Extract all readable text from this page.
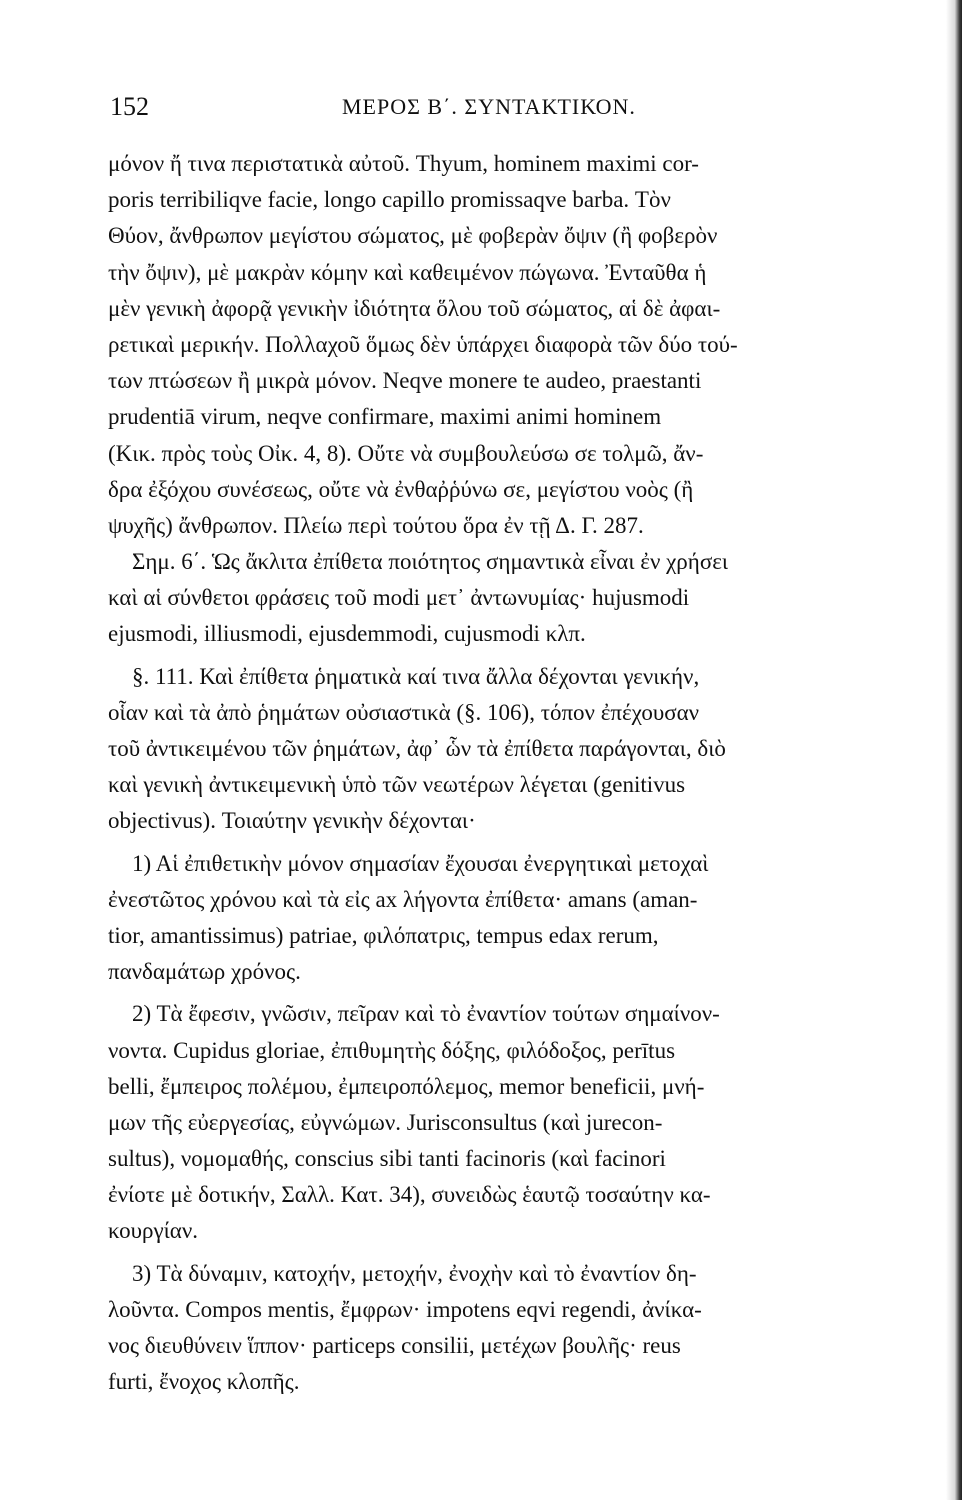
152	ΜΕΡΟΣ Β΄. ΣΥΝΤΑΚΤΙΚΟΝ.
μόνον ἤ τινα περιστατικὰ αὐτοῦ. Thyum, hominem maximi cor-
poris terribiliqve facie, longo capillo promissaqve barba. Τὸν
Θύον, ἄνθρωπον μεγίστου σώματος, μὲ φοβερὰν ὄψιν (ἢ φοβερὸν
τὴν ὄψιν), μὲ μακρὰν κόμην καὶ καθειμένον πώγωνα. Ἐνταῦθα ἡ
μὲν γενικὴ ἀφορᾷ γενικὴν ἰδιότητα ὅλου τοῦ σώματος, αἱ δὲ ἀφαι-
ρετικαὶ μερικήν. Πολλαχοῦ ὅμως δὲν ὑπάρχει διαφορὰ τῶν δύο τού-
των πτώσεων ἢ μικρὰ μόνον. Neqve monere te audeo, praestanti
prudentiā virum, neqve confirmare, maximi animi hominem
(Κικ. πρὸς τοὺς Οἰκ. 4, 8). Οὔτε νὰ συμβουλεύσω σε τολμῶ, ἄν-
δρα ἐξόχου συνέσεως, οὔτε νὰ ἐνθαῤῥύνω σε, μεγίστου νοὸς (ἢ
ψυχῆς) ἄνθρωπον. Πλείω περὶ τούτου ὅρα ἐν τῇ Δ. Γ. 287.
Σημ. 6΄. Ὡς ἄκλιτα ἐπίθετα ποιότητος σημαντικὰ εἶναι ἐν χρήσει
καὶ αἱ σύνθετοι φράσεις τοῦ modi μετ᾽ ἀντωνυμίας· hujusmodi
ejusmodi, illiusmodi, ejusdemmodi, cujusmodi κλπ.
§. 111. Καὶ ἐπίθετα ῥηματικὰ καί τινα ἄλλα δέχονται γενικήν,
οἷαν καὶ τὰ ἀπὸ ῥημάτων οὐσιαστικὰ (§. 106), τόπον ἐπέχουσαν
τοῦ ἀντικειμένου τῶν ῥημάτων, ἀφ᾽ ὧν τὰ ἐπίθετα παράγονται, διὸ
καὶ γενικὴ ἀντικειμενικὴ ὑπὸ τῶν νεωτέρων λέγεται (genitivus
objectivus). Τοιαύτην γενικὴν δέχονται·
1) Αἱ ἐπιθετικὴν μόνον σημασίαν ἔχουσαι ἐνεργητικαὶ μετοχαὶ
ἐνεστῶτος χρόνου καὶ τὰ εἰς ax λήγοντα ἐπίθετα· amans (aman-
tior, amantissimus) patriae, φιλόπατρις, tempus edax rerum,
πανδαμάτωρ χρόνος.
2) Τὰ ἔφεσιν, γνῶσιν, πεῖραν καὶ τὸ ἐναντίον τούτων σημαίνον-
νοντα. Cupidus gloriae, ἐπιθυμητὴς δόξης, φιλόδοξος, perītus
belli, ἔμπειρος πολέμου, ἐμπειροπόλεμος, memor beneficii, μνή-
μων τῆς εὐεργεσίας, εὐγνώμων. Jurisconsultus (καὶ jurecon-
sultus), νομομαθής, conscius sibi tanti facinoris (καὶ facinori
ἐνίοτε μὲ δοτικήν, Σαλλ. Κατ. 34), συνειδὼς ἑαυτῷ τοσαύτην κα-
κουργίαν.
3) Τὰ δύναμιν, κατοχήν, μετοχήν, ἐνοχὴν καὶ τὸ ἐναντίον δη-
λοῦντα. Compos mentis, ἔμφρων· impotens eqvi regendi, ἀνίκα-
νος διευθύνειν ἵππον· particeps consilii, μετέχων βουλῆς· reus
furti, ἔνοχος κλοπῆς.
